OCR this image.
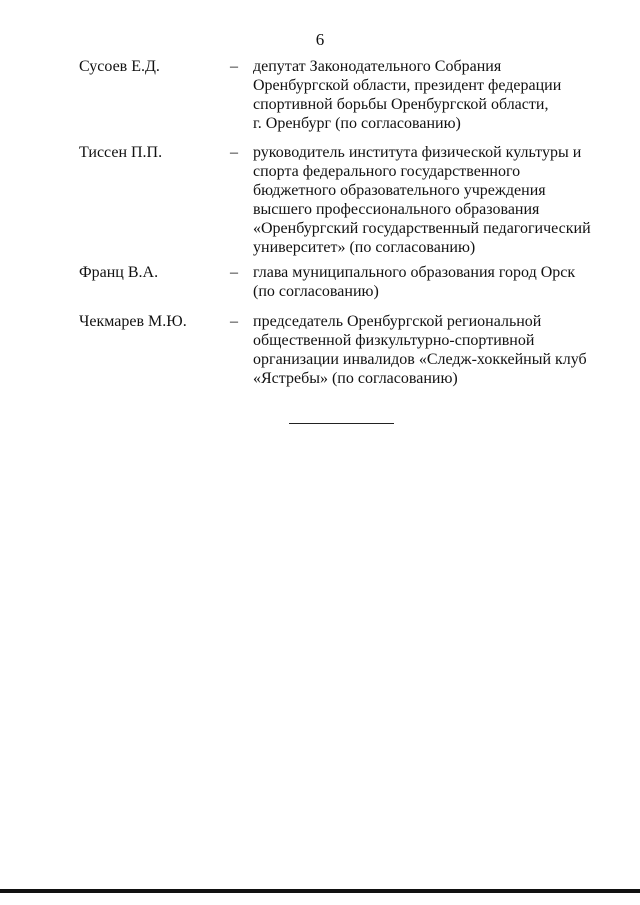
6
Сусоев Е.Д.	– депутат Законодательного Собрания
Оренбургской области, президент федерации
спортивной борьбы Оренбургской области,
г. Оренбург (по согласованию)
Тиссен П.П.	– руководитель института физической культуры и
спорта федерального государственного
бюджетного образовательного учреждения
высшего профессионального образования
«Оренбургский государственный педагогический
университет» (по согласованию)
Франц В.А.	– глава муниципального образования город Орск
(по согласованию)
Чекмарев М.Ю.	– председатель Оренбургской региональной
общественной физкультурно-спортивной
организации инвалидов «Следж-хоккейный клуб
«Ястребы» (по согласованию)
